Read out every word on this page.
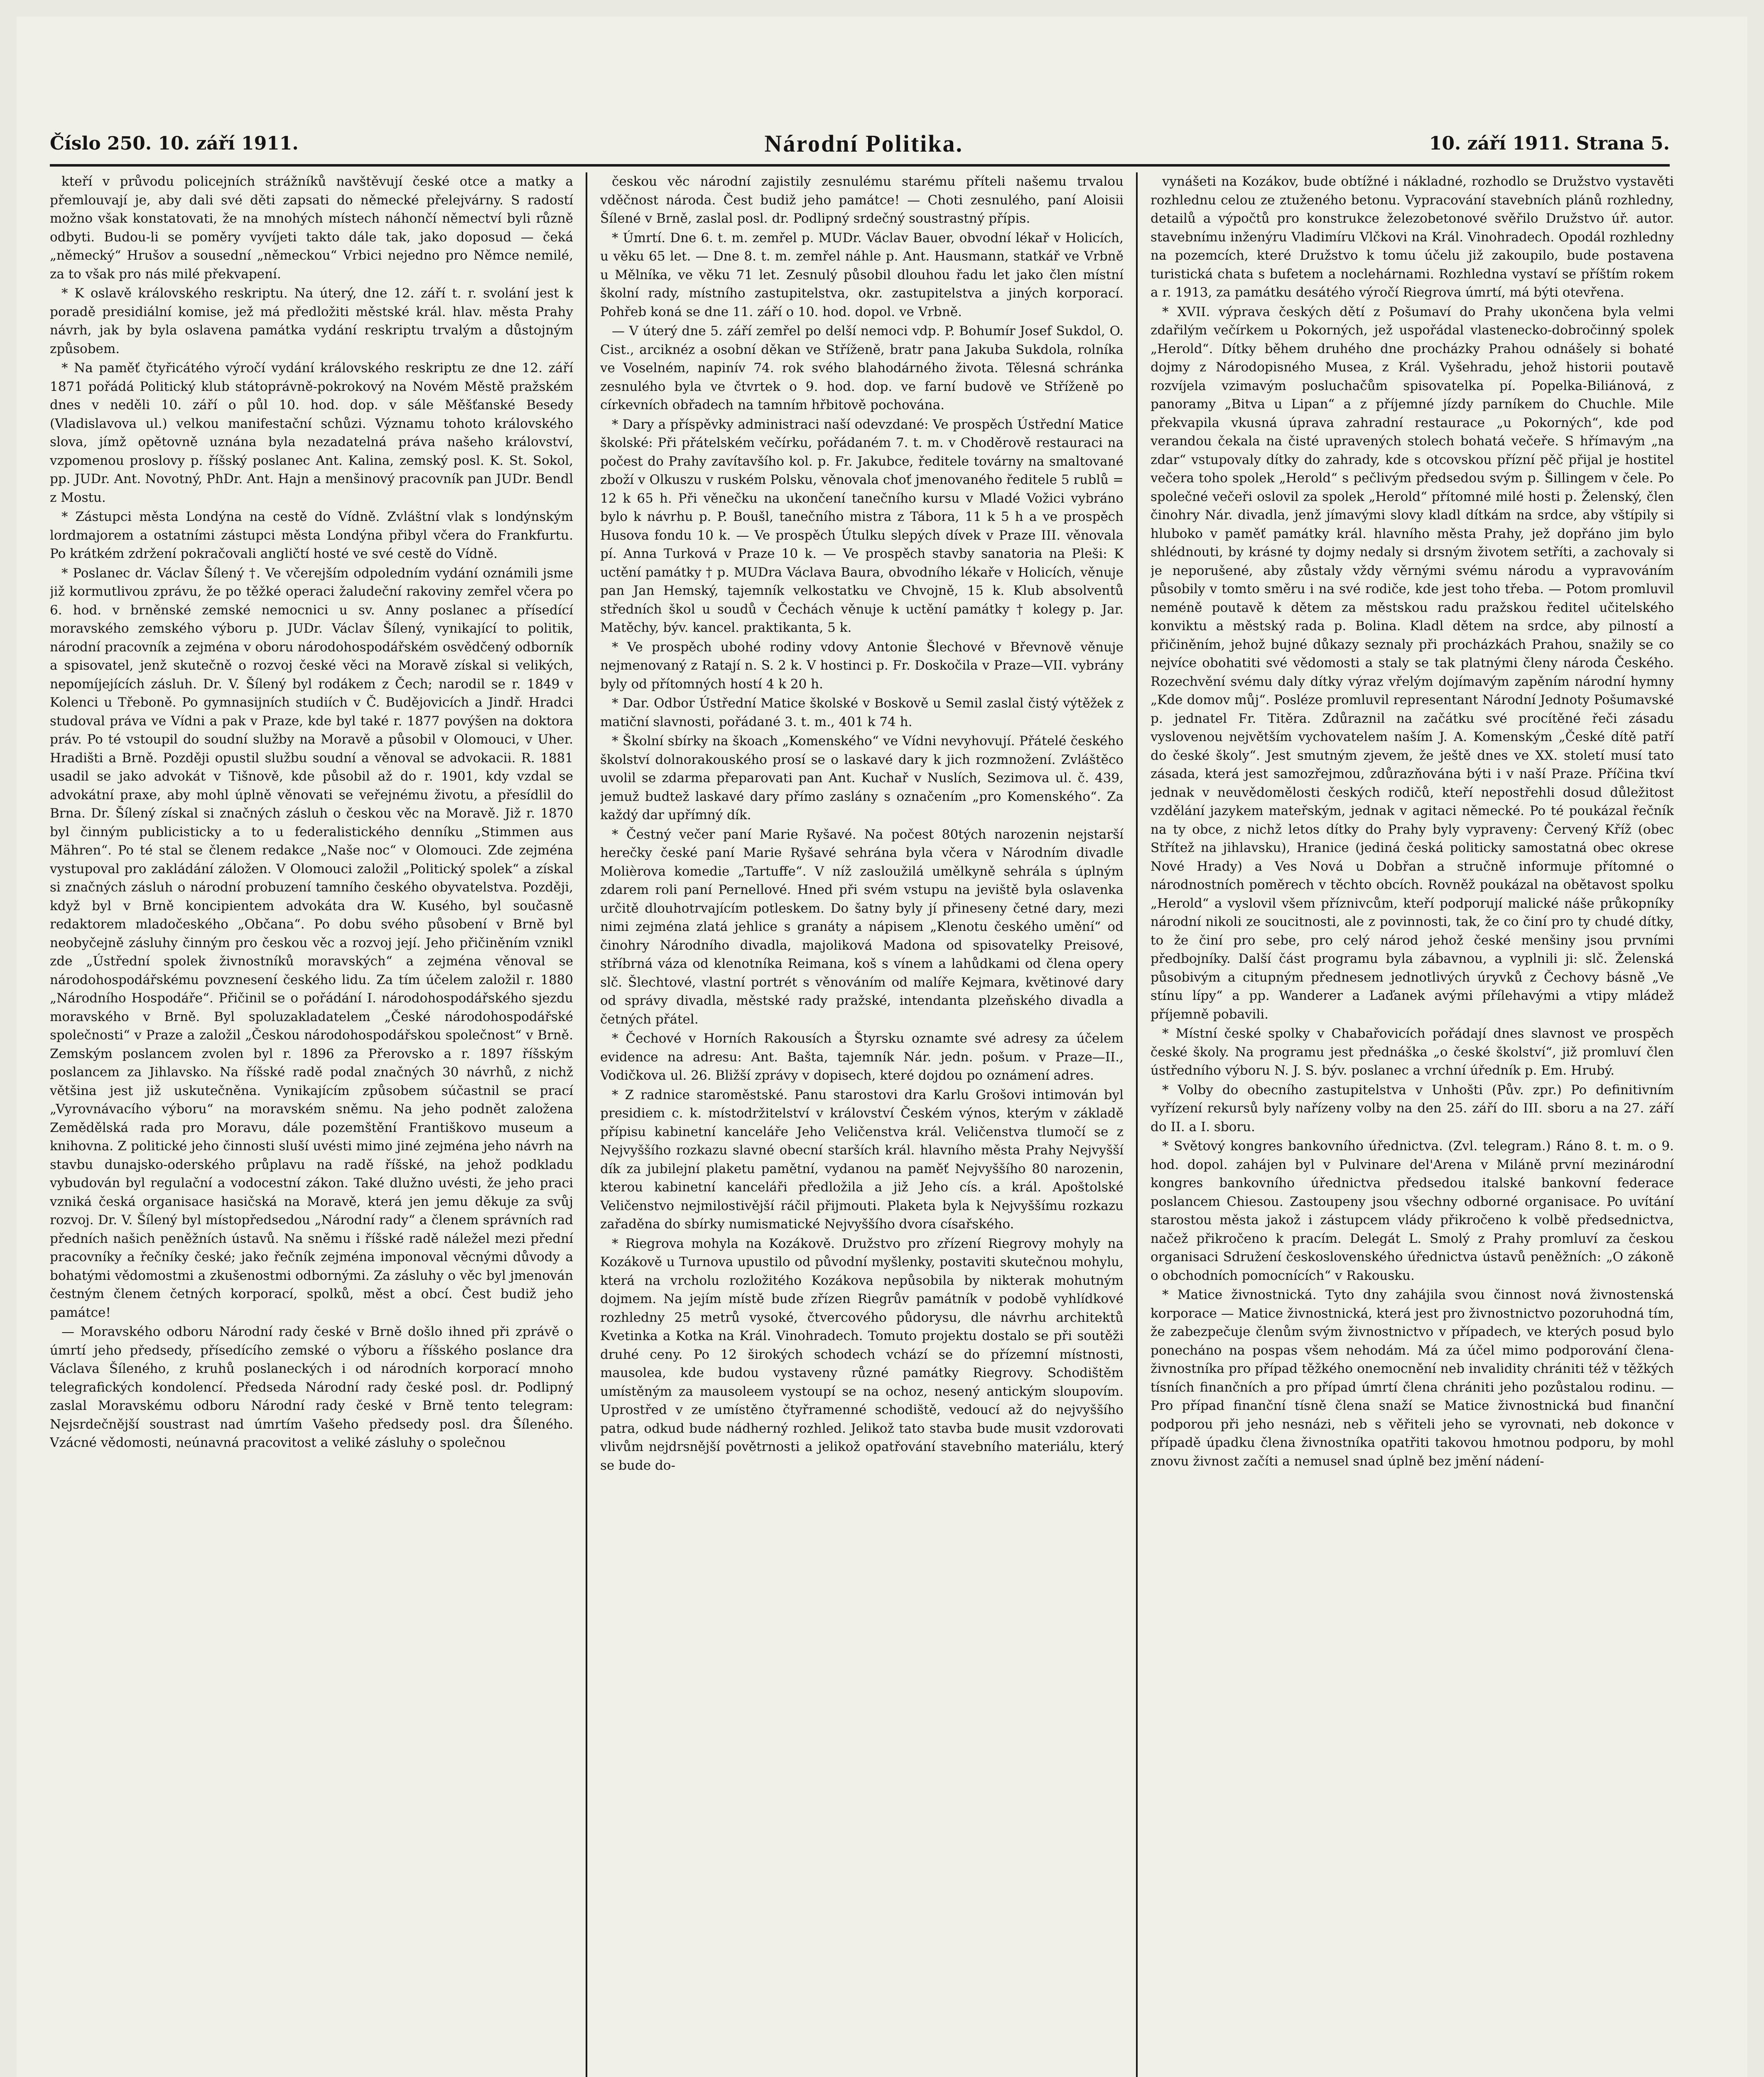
Číslo 250. 10. září 1911.	Národní Politika.	10. září 1911. Strana 5.

kteří v průvodu policejních strážníků navštěvují české otce a matky a přemlouvají je, aby dali své děti zapsati do německé přelejvárny. S radostí možno však konstatovati, že na mnohých místech náhončí němectví byli různě odbyti. Budou-li se poměry vyvíjeti takto dále tak, jako doposud — čeká „německý“ Hrušov a sousední „německou“ Vrbici nejedno pro Němce nemilé, za to však pro nás milé překvapení.

* K oslavě královského reskriptu. Na úterý, dne 12. září t. r. svolání jest k poradě presidiální komise, jež má předložiti městské král. hlav. města Prahy návrh, jak by byla oslavena památka vydání reskriptu trvalým a důstojným způsobem.

* Na paměť čtyřicátého výročí vydání královského reskriptu ze dne 12. září 1871 pořádá Politický klub státoprávně-pokrokový na Novém Městě pražském dnes v neděli 10. září o půl 10. hod. dop. v sále Měšťanské Besedy (Vladislavova ul.) velkou manifestační schůzi. Významu tohoto královského slova, jímž opětovně uznána byla nezadatelná práva našeho království, vzpomenou proslovy p. říšský poslanec Ant. Kalina, zemský posl. K. St. Sokol, pp. JUDr. Ant. Novotný, PhDr. Ant. Hajn a menšinový pracovník pan JUDr. Bendl z Mostu.

* Zástupci města Londýna na cestě do Vídně. Zvláštní vlak s londýnským lordmajorem a ostatními zástupci města Londýna přibyl včera do Frankfurtu. Po krátkém zdržení pokračovali angličtí hosté ve své cestě do Vídně.

* Poslanec dr. Václav Šílený †. Ve včerejším odpoledním vydání oznámili jsme již kormutlivou zprávu, že po těžké operaci žaludeční rakoviny zemřel včera po 6. hod. v brněnské zemské nemocnici u sv. Anny poslanec a přísedící moravského zemského výboru p. JUDr. Václav Šílený, vynikající to politik, národní pracovník a zejména v oboru národohospodářském osvědčený odborník a spisovatel, jenž skutečně o rozvoj české věci na Moravě získal si velikých, nepomíjejících zásluh. Dr. V. Šílený byl rodákem z Čech; narodil se r. 1849 v Kolenci u Třeboně. Po gymnasijních studiích v Č. Budějovicích a Jindř. Hradci studoval práva ve Vídni a pak v Praze, kde byl také r. 1877 povýšen na doktora práv. Po té vstoupil do soudní služby na Moravě a působil v Olomouci, v Uher. Hradišti a Brně. Později opustil službu soudní a věnoval se advokacii. R. 1881 usadil se jako advokát v Tišnově, kde působil až do r. 1901, kdy vzdal se advokátní praxe, aby mohl úplně věnovati se veřejnému životu, a přesídlil do Brna. Dr. Šílený získal si značných zásluh o českou věc na Moravě. Již r. 1870 byl činným publicisticky a to u federalistického denníku „Stimmen aus Mähren“. Po té stal se členem redakce „Naše noc“ v Olomouci. Zde zejména vystupoval pro zakládání záložen. V Olomouci založil „Politický spolek“ a získal si značných zásluh o národní probuzení tamního českého obyvatelstva. Později, když byl v Brně koncipientem advokáta dra W. Kusého, byl současně redaktorem mladočeského „Občana“. Po dobu svého působení v Brně byl neobyčejně zásluhy činným pro českou věc a rozvoj její. Jeho přičiněním vznikl zde „Ústřední spolek živnostníků moravských“ a zejména věnoval se národohospodářskému povznesení českého lidu. Za tím účelem založil r. 1880 „Národního Hospodáře“. Přičinil se o pořádání I. národohospodářského sjezdu moravského v Brně. Byl spoluzakladatelem „České národohospodářské společnosti“ v Praze a založil „Českou národohospodářskou společnost“ v Brně. Zemským poslancem zvolen byl r. 1896 za Přerovsko a r. 1897 říšským poslancem za Jihlavsko. Na říšské radě podal značných 30 návrhů, z nichž většina jest již uskutečněna. Vynikajícím způsobem súčastnil se prací „Vyrovnávacího výboru“ na moravském sněmu. Na jeho podnět založena Zemědělská rada pro Moravu, dále pozemštění Františkovo museum a knihovna. Z politické jeho činnosti sluší uvésti mimo jiné zejména jeho návrh na stavbu dunajsko-oderského průplavu na radě říšské, na jehož podkladu vybudován byl regulační a vodocestní zákon. Také dlužno uvésti, že jeho praci vzniká česká organisace hasičská na Moravě, která jen jemu děkuje za svůj rozvoj. Dr. V. Šílený byl místopředsedou „Národní rady“ a členem správních rad předních našich peněžních ústavů. Na sněmu i říšské radě náležel mezi přední pracovníky a řečníky české; jako řečník zejména imponoval věcnými důvody a bohatými vědomostmi a zkušenostmi odbornými. Za zásluhy o věc byl jmenován čestným členem četných korporací, spolků, měst a obcí. Čest budiž jeho památce!

— Moravského odboru Národní rady české v Brně došlo ihned při zprávě o úmrtí jeho předsedy, přísedícího zemské o výboru a říšského poslance dra Václava Šíleného, z kruhů poslaneckých i od národních korporací mnoho telegrafických kondolencí. Předseda Národní rady české posl. dr. Podlipný zaslal Moravskému odboru Národní rady české v Brně tento telegram: Nejsrdečnější soustrast nad úmrtím Vašeho předsedy posl. dra Šíleného. Vzácné vědomosti, neúnavná pracovitost a veliké zásluhy o společnou

českou věc národní zajistily zesnulému starému příteli našemu trvalou vděčnost národa. Čest budiž jeho památce! — Choti zesnulého, paní Aloisii Šílené v Brně, zaslal posl. dr. Podlipný srdečný soustrastný přípis.

* Úmrtí. Dne 6. t. m. zemřel p. MUDr. Václav Bauer, obvodní lékař v Holicích, u věku 65 let. — Dne 8. t. m. zemřel náhle p. Ant. Hausmann, statkář ve Vrbně u Mělníka, ve věku 71 let. Zesnulý působil dlouhou řadu let jako člen místní školní rady, místního zastupitelstva, okr. zastupitelstva a jiných korporací. Pohřeb koná se dne 11. září o 10. hod. dopol. ve Vrbně.

— V úterý dne 5. září zemřel po delší nemoci vdp. P. Bohumír Josef Sukdol, O. Cist., arciknéz a osobní děkan ve Stříženě, bratr pana Jakuba Sukdola, rolníka ve Voselném, napinív 74. rok svého blahodárného života. Tělesná schránka zesnulého byla ve čtvrtek o 9. hod. dop. ve farní budově ve Stříženě po církevních obřadech na tamním hřbitově pochována.

* Dary a příspěvky administraci naší odevzdané: Ve prospěch Ústřední Matice školské: Při přátelském večírku, pořádaném 7. t. m. v Choděrově restauraci na počest do Prahy zavítavšího kol. p. Fr. Jakubce, ředitele továrny na smaltované zboží v Olkuszu v ruském Polsku, věnovala choť jmenovaného ředitele 5 rublů = 12 k 65 h. Při věnečku na ukončení tanečního kursu v Mladé Vožici vybráno bylo k návrhu p. P. Boušl, tanečního mistra z Tábora, 11 k 5 h a ve prospěch Husova fondu 10 k. — Ve prospěch Útulku slepých dívek v Praze III. věnovala pí. Anna Turková v Praze 10 k. — Ve prospěch stavby sanatoria na Pleši: K uctění památky † p. MUDra Václava Baura, obvodního lékaře v Holicích, věnuje pan Jan Hemský, tajemník velkostatku ve Chvojně, 15 k. Klub absolventů středních škol u soudů v Čechách věnuje k uctění památky † kolegy p. Jar. Matěchy, býv. kancel. praktikanta, 5 k.

* Ve prospěch ubohé rodiny vdovy Antonie Šlechové v Břevnově věnuje nejmenovaný z Ratají n. S. 2 k. V hostinci p. Fr. Doskočila v Praze—VII. vybrány byly od přítomných hostí 4 k 20 h.

* Dar. Odbor Ústřední Matice školské v Boskově u Semil zaslal čistý výtěžek z matiční slavnosti, pořádané 3. t. m., 401 k 74 h.

* Školní sbírky na škoach „Komenského“ ve Vídni nevyhovují. Přátelé českého školství dolnorakouského prosí se o laskavé dary k jich rozmnožení. Zvláštěco uvolil se zdarma přeparovati pan Ant. Kuchař v Nuslích, Sezimova ul. č. 439, jemuž budtež laskavé dary přímo zaslány s označením „pro Komenského“. Za každý dar upřímný dík.

* Čestný večer paní Marie Ryšavé. Na počest 80tých narozenin nejstarší herečky české paní Marie Ryšavé sehrána byla včera v Národním divadle Molièrova komedie „Tartuffe“. V níž zasloužilá umělkyně sehrála s úplným zdarem roli paní Pernellové. Hned při svém vstupu na jeviště byla oslavenka určitě dlouhotrvajícím potleskem. Do šatny byly jí přineseny četné dary, mezi nimi zejména zlatá jehlice s granáty a nápisem „Klenotu českého umění“ od činohry Národního divadla, majoliková Madona od spisovatelky Preisové, stříbrná váza od klenotníka Reimana, koš s vínem a lahůdkami od člena opery slč. Šlechtové, vlastní portrét s věnováním od malíře Kejmara, květinové dary od správy divadla, městské rady pražské, intendanta plzeňského divadla a četných přátel.

* Čechové v Horních Rakousích a Štyrsku oznamte své adresy za účelem evidence na adresu: Ant. Bašta, tajemník Nár. jedn. pošum. v Praze—II., Vodičkova ul. 26. Bližší zprávy v dopisech, které dojdou po oznámení adres.

* Z radnice staroměstské. Panu starostovi dra Karlu Grošovi intimován byl presidiem c. k. místodržitelství v království Českém výnos, kterým v základě přípisu kabinetní kanceláře Jeho Veličenstva král. Veličenstva tlumočí se z Nejvyššího rozkazu slavné obecní starších král. hlavního města Prahy Nejvyšší dík za jubilejní plaketu pamětní, vydanou na paměť Nejvyššího 80 narozenin, kterou kabinetní kanceláři předložila a již Jeho cís. a král. Apoštolské Veličenstvo nejmilostivější ráčil přijmouti. Plaketa byla k Nejvyššímu rozkazu zařaděna do sbírky numismatické Nejvyššího dvora císařského.

* Riegrova mohyla na Kozákově. Družstvo pro zřízení Riegrovy mohyly na Kozákově u Turnova upustilo od původní myšlenky, postaviti skutečnou mohylu, která na vrcholu rozložitého Kozákova nepůsobila by nikterak mohutným dojmem. Na jejím místě bude zřízen Riegrův památník v podobě vyhlídkové rozhledny 25 metrů vysoké, čtvercového půdorysu, dle návrhu architektů Kvetinka a Kotka na Král. Vinohradech. Tomuto projektu dostalo se při soutěži druhé ceny. Po 12 širokých schodech vchází se do přízemní místnosti, mausolea, kde budou vystaveny různé památky Riegrovy. Schodištěm umístěným za mausoleem vystoupí se na ochoz, nesený antickým sloupovím. Uprostřed v ze umístěno čtyřramenné schodiště, vedoucí až do nejvyššího patra, odkud bude nádherný rozhled. Jelikož tato stavba bude musit vzdorovati vlivům nejdrsnější povětrnosti a jelikož opatřování stavebního materiálu, který se bude do-

vynášeti na Kozákov, bude obtížné i nákladné, rozhodlo se Družstvo vystavěti rozhlednu celou ze ztuženého betonu. Vypracování stavebních plánů rozhledny, detailů a výpočtů pro konstrukce železobetonové svěřilo Družstvo úř. autor. stavebnímu inženýru Vladimíru Vlčkovi na Král. Vinohradech. Opodál rozhledny na pozemcích, které Družstvo k tomu účelu již zakoupilo, bude postavena turistická chata s bufetem a noclehárnami. Rozhledna vystaví se příštím rokem a r. 1913, za památku desátého výročí Riegrova úmrtí, má býti otevřena.

* XVII. výprava českých dětí z Pošumaví do Prahy ukončena byla velmi zdařilým večírkem u Pokorných, jež uspořádal vlastenecko-dobročinný spolek „Herold“. Dítky během druhého dne procházky Prahou odnášely si bohaté dojmy z Národopisného Musea, z Král. Vyšehradu, jehož historii poutavě rozvíjela vzimavým posluchačům spisovatelka pí. Popelka-Biliánová, z panoramy „Bitva u Lipan“ a z příjemné jízdy parníkem do Chuchle. Mile překvapila vkusná úprava zahradní restaurace „u Pokorných“, kde pod verandou čekala na čisté upravených stolech bohatá večeře. S hřímavým „na zdar“ vstupovaly dítky do zahrady, kde s otcovskou přízní pěč přijal je hostitel večera toho spolek „Herold“ s pečlivým předsedou svým p. Šillingem v čele. Po společné večeři oslovil za spolek „Herold“ přítomné milé hosti p. Želenský, člen činohry Nár. divadla, jenž jímavými slovy kladl dítkám na srdce, aby vštípily si hluboko v paměť památky král. hlavního města Prahy, jež dopřáno jim bylo shlédnouti, by krásné ty dojmy nedaly si drsným životem setříti, a zachovaly si je neporušené, aby zůstaly vždy věrnými svému národu a vypravováním působily v tomto směru i na své rodiče, kde jest toho třeba. — Potom promluvil neméně poutavě k dětem za městskou radu pražskou ředitel učitelského konviktu a městský rada p. Bolina. Kladl dětem na srdce, aby pilností a přičiněním, jehož bujné důkazy seznaly při procházkách Prahou, snažily se co nejvíce obohatiti své vědomosti a staly se tak platnými členy národa Českého. Rozechvění svému daly dítky výraz vřelým dojímavým zapěním národní hymny „Kde domov můj“. Posléze promluvil representant Národní Jednoty Pošumavské p. jednatel Fr. Titěra. Zdůraznil na začátku své procítěné řeči zásadu vyslovenou největším vychovatelem naším J. A. Komenským „České dítě patří do české školy“. Jest smutným zjevem, že ještě dnes ve XX. století musí tato zásada, která jest samozřejmou, zdůrazňována býti i v naší Praze. Příčina tkví jednak v neuvědomělosti českých rodičů, kteří nepostřehli dosud důležitost vzdělání jazykem mateřským, jednak v agitaci německé. Po té poukázal řečník na ty obce, z nichž letos dítky do Prahy byly vypraveny: Červený Kříž (obec Střítež na jihlavsku), Hranice (jediná česká politicky samostatná obec okrese Nové Hrady) a Ves Nová u Dobřan a stručně informuje přítomné o národnostních poměrech v těchto obcích. Rovněž poukázal na obětavost spolku „Herold“ a vyslovil všem příznivcům, kteří podporují malické náše průkopníky národní nikoli ze soucitnosti, ale z povinnosti, tak, že co činí pro ty chudé dítky, to že činí pro sebe, pro celý národ jehož české menšiny jsou prvními předbojníky. Další část programu byla zábavnou, a vyplnili ji: slč. Želenská působivým a citupným přednesem jednotlivých úryvků z Čechovy básně „Ve stínu lípy“ a pp. Wanderer a Laďanek avými přílehavými a vtipy mládež příjemně pobavili.

* Místní české spolky v Chabařovicích pořádají dnes slavnost ve prospěch české školy. Na programu jest přednáška „o české školství“, již promluví člen ústředního výboru N. J. S. býv. poslanec a vrchní úředník p. Em. Hrubý.

* Volby do obecního zastupitelstva v Unhošti (Pův. zpr.) Po definitivním vyřízení rekursů byly nařízeny volby na den 25. září do III. sboru a na 27. září do II. a I. sboru.

* Světový kongres bankovního úřednictva. (Zvl. telegram.) Ráno 8. t. m. o 9. hod. dopol. zahájen byl v Pulvinare del'Arena v Miláně první mezinárodní kongres bankovního úřednictva předsedou italské bankovní federace poslancem Chiesou. Zastoupeny jsou všechny odborné organisace. Po uvítání starostou města jakož i zástupcem vlády přikročeno k volbě předsednictva, načež přikročeno k pracím. Delegát L. Smolý z Prahy promluví za českou organisaci Sdružení československého úřednictva ústavů peněžních: „O zákoně o obchodních pomocnících“ v Rakousku.

* Matice živnostnická. Tyto dny zahájila svou činnost nová živnostenská korporace — Matice živnostnická, která jest pro živnostnictvo pozoruhodná tím, že zabezpečuje členům svým živnostnictvo v případech, ve kterých posud bylo ponecháno na pospas všem nehodám. Má za účel mimo podporování člena-živnostníka pro případ těžkého onemocnění neb invalidity chrániti též v těžkých tísních finančních a pro případ úmrtí člena chrániti jeho pozůstalou rodinu. — Pro případ finanční tísně člena snaží se Matice živnostnická bud finanční podporou při jeho nesnázi, neb s věřiteli jeho se vyrovnati, neb dokonce v případě úpadku člena živnostníka opatřiti takovou hmotnou podporu, by mohl znovu živnost začíti a nemusel snad úplně bez jmění nádení-
